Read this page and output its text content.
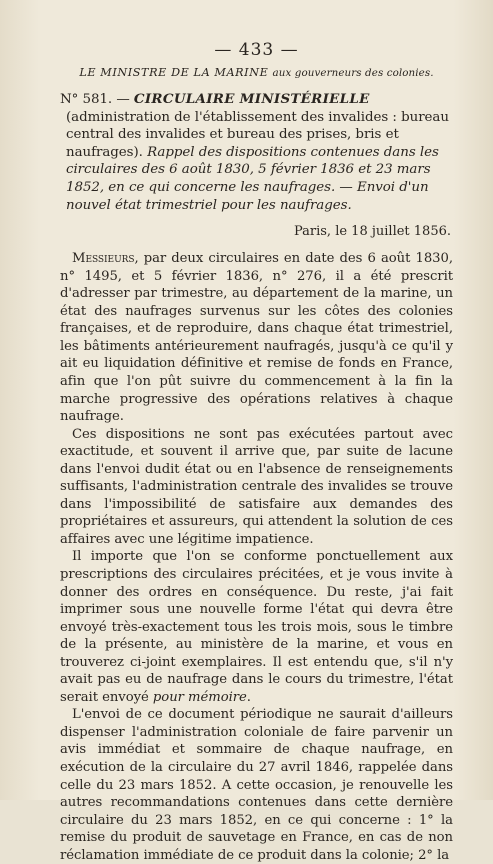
— 433 —
LE MINISTRE DE LA MARINE aux gouverneurs des colonies.

N° 581. — CIRCULAIRE MINISTÉRIELLE (administration de l'établissement des invalides : bureau central des invalides et bureau des prises, bris et naufrages). Rappel des dispositions contenues dans les circulaires des 6 août 1830, 5 février 1836 et 23 mars 1852, en ce qui concerne les naufrages. — Envoi d'un nouvel état trimestriel pour les naufrages.

Paris, le 18 juillet 1856.

Messieurs, par deux circulaires en date des 6 août 1830, n° 1495, et 5 février 1836, n° 276, il a été prescrit d'adresser par trimestre, au département de la marine, un état des naufrages survenus sur les côtes des colonies françaises, et de reproduire, dans chaque état trimestriel, les bâtiments antérieurement naufragés, jusqu'à ce qu'il y ait eu liquidation définitive et remise de fonds en France, afin que l'on pût suivre du commencement à la fin la marche progressive des opérations relatives à chaque naufrage.

Ces dispositions ne sont pas exécutées partout avec exactitude, et souvent il arrive que, par suite de lacune dans l'envoi dudit état ou en l'absence de renseignements suffisants, l'administration centrale des invalides se trouve dans l'impossibilité de satisfaire aux demandes des propriétaires et assureurs, qui attendent la solution de ces affaires avec une légitime impatience.

Il importe que l'on se conforme ponctuellement aux prescriptions des circulaires précitées, et je vous invite à donner des ordres en conséquence. Du reste, j'ai fait imprimer sous une nouvelle forme l'état qui devra être envoyé très-exactement tous les trois mois, sous le timbre de la présente, au ministère de la marine, et vous en trouverez ci-joint exemplaires. Il est entendu que, s'il n'y avait pas eu de naufrage dans le cours du trimestre, l'état serait envoyé pour mémoire.

L'envoi de ce document périodique ne saurait d'ailleurs dispenser l'administration coloniale de faire parvenir un avis immédiat et sommaire de chaque naufrage, en exécution de la circulaire du 27 avril 1846, rappelée dans celle du 23 mars 1852. A cette occasion, je renouvelle les autres recommandations contenues dans cette dernière circulaire du 23 mars 1852, en ce qui concerne : 1° la remise du produit de sauvetage en France, en cas de non réclamation immédiate de ce produit dans la colonie; 2° la
